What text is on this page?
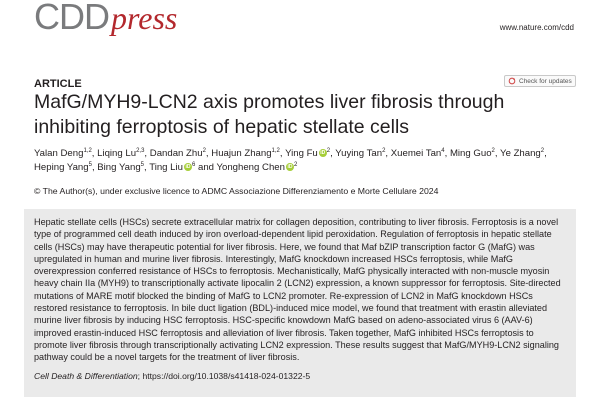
CDDpress	www.nature.com/cdd
ARTICLE	Check for updates
MafG/MYH9-LCN2 axis promotes liver fibrosis through inhibiting ferroptosis of hepatic stellate cells

Yalan Deng$^{1,2}$, Liqing Lu$^{2,3}$, Dandan Zhu$^2$, Huajun Zhang$^{1,2}$, Ying Fu iD $^2$, Yuying Tan$^2$, Xuemei Tan$^4$, Ming Guo$^2$, Ye Zhang$^2$, Heping Yang$^5$, Bing Yang$^5$, Ting Liu iD $^6$ and Yongheng Chen iD $^2$

© The Author(s), under exclusive licence to ADMC Associazione Differenziamento e Morte Cellulare 2024

Hepatic stellate cells (HSCs) secrete extracellular matrix for collagen deposition, contributing to liver fibrosis. Ferroptosis is a novel type of programmed cell death induced by iron overload-dependent lipid peroxidation. Regulation of ferroptosis in hepatic stellate cells (HSCs) may have therapeutic potential for liver fibrosis. Here, we found that Maf bZIP transcription factor G (MafG) was upregulated in human and murine liver fibrosis. Interestingly, MafG knockdown increased HSCs ferroptosis, while MafG overexpression conferred resistance of HSCs to ferroptosis. Mechanistically, MafG physically interacted with non-muscle myosin heavy chain IIa (MYH9) to transcriptionally activate lipocalin 2 (LCN2) expression, a known suppressor for ferroptosis. Site-directed mutations of MARE motif blocked the binding of MafG to LCN2 promoter. Re-expression of LCN2 in MafG knockdown HSCs restored resistance to ferroptosis. In bile duct ligation (BDL)-induced mice model, we found that treatment with erastin alleviated murine liver fibrosis by inducing HSC ferroptosis. HSC-specific knowdown MafG based on adeno-associated virus 6 (AAV-6) improved erastin-induced HSC ferroptosis and alleviation of liver fibrosis. Taken together, MafG inhibited HSCs ferroptosis to promote liver fibrosis through transcriptionally activating LCN2 expression. These results suggest that MafG/MYH9-LCN2 signaling pathway could be a novel targets for the treatment of liver fibrosis.

Cell Death & Differentiation; https://doi.org/10.1038/s41418-024-01322-5
